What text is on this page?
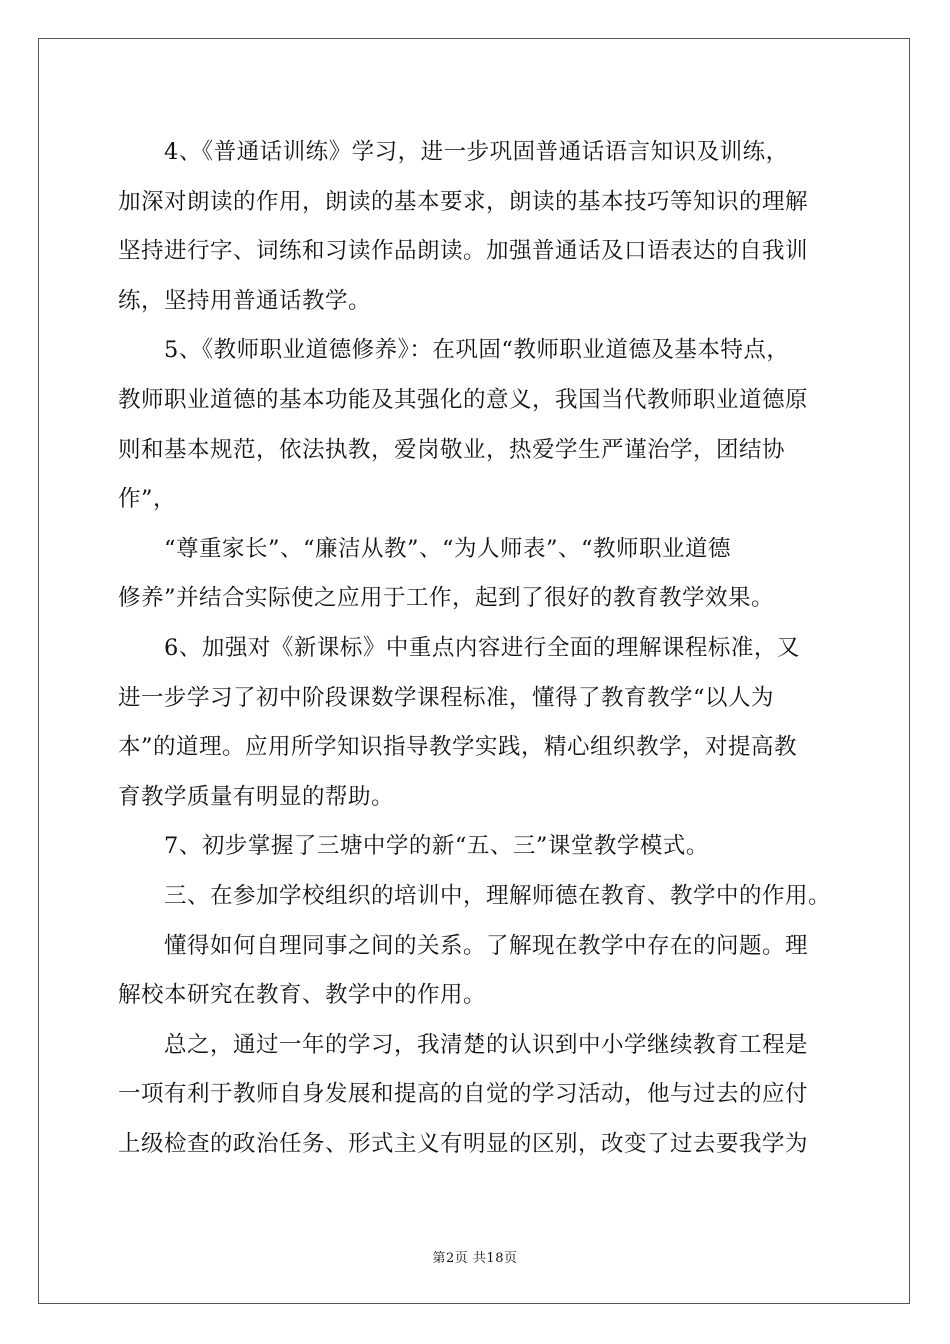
4、《普通话训练》学习，进一步巩固普通话语言知识及训练，
加深对朗读的作用，朗读的基本要求，朗读的基本技巧等知识的理解
坚持进行字、词练和习读作品朗读。加强普通话及口语表达的自我训
练，坚持用普通话教学。
5、《教师职业道德修养》：在巩固“教师职业道德及基本特点，
教师职业道德的基本功能及其强化的意义，我国当代教师职业道德原
则和基本规范，依法执教，爱岗敬业，热爱学生严谨治学，团结协
作”，
“尊重家长”、“廉洁从教”、“为人师表”、“教师职业道德
修养”并结合实际使之应用于工作，起到了很好的教育教学效果。
6、加强对《新课标》中重点内容进行全面的理解课程标准，又
进一步学习了初中阶段课数学课程标准，懂得了教育教学“以人为
本”的道理。应用所学知识指导教学实践，精心组织教学，对提高教
育教学质量有明显的帮助。
7、初步掌握了三塘中学的新“五、三”课堂教学模式。
三、在参加学校组织的培训中，理解师德在教育、教学中的作用。
懂得如何自理同事之间的关系。了解现在教学中存在的问题。理
解校本研究在教育、教学中的作用。
总之，通过一年的学习，我清楚的认识到中小学继续教育工程是
一项有利于教师自身发展和提高的自觉的学习活动，他与过去的应付
上级检查的政治任务、形式主义有明显的区别，改变了过去要我学为
第2页 共18页
